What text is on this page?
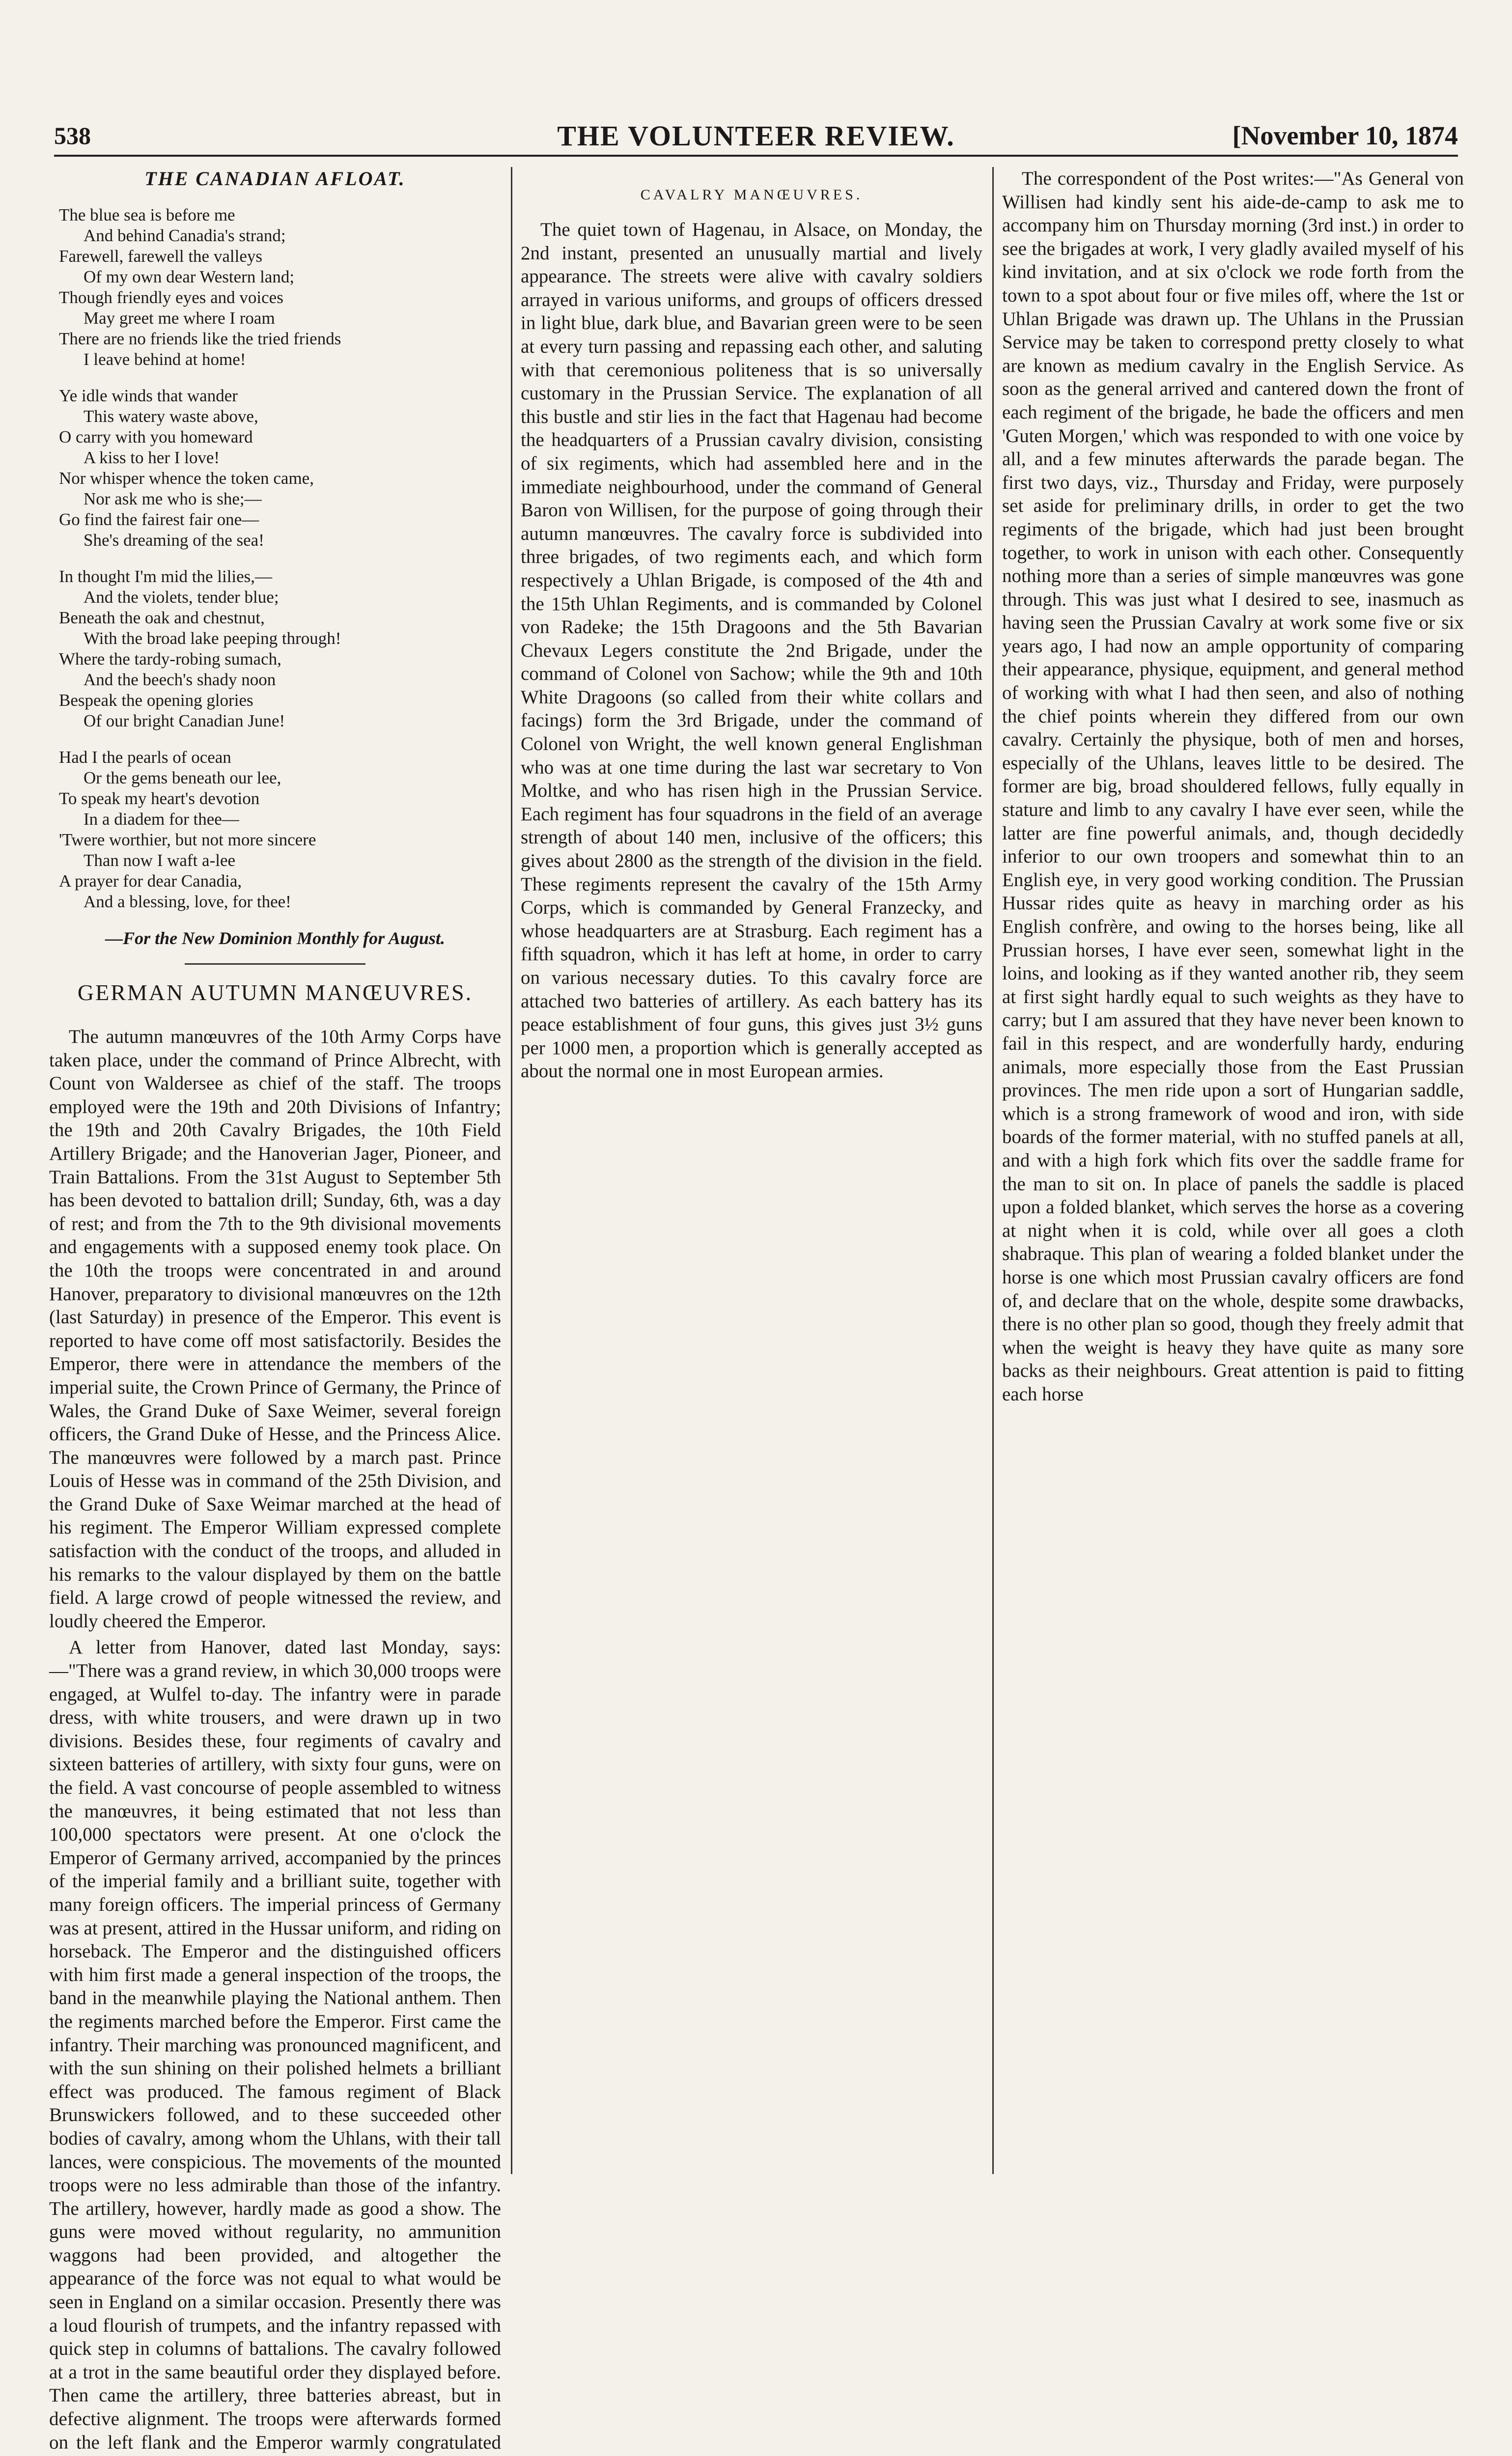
538	THE VOLUNTEER REVIEW.	[November 10, 1874
THE CANADIAN AFLOAT.
The blue sea is before me
And behind Canadia's strand;
Farewell, farewell the valleys
Of my own dear Western land;
Though friendly eyes and voices
May greet me where I roam
There are no friends like the tried friends
I leave behind at home!
Ye idle winds that wander
This watery waste above,
O carry with you homeward
A kiss to her I love!
Nor whisper whence the token came,
Nor ask me who is she;—
Go find the fairest fair one—
She's dreaming of the sea!
In thought I'm mid the lilies,—
And the violets, tender blue;
Beneath the oak and chestnut,
With the broad lake peeping through!
Where the tardy-robing sumach,
And the beech's shady noon
Bespeak the opening glories
Of our bright Canadian June!
Had I the pearls of ocean
Or the gems beneath our lee,
To speak my heart's devotion
In a diadem for thee—
'Twere worthier, but not more sincere
Than now I waft a-lee
A prayer for dear Canadia,
And a blessing, love, for thee!
—For the New Dominion Monthly for August.
GERMAN AUTUMN MANŒUVRES.

The autumn manœuvres of the 10th Army Corps have taken place, under the command of Prince Albrecht, with Count von Waldersee as chief of the staff. The troops employed were the 19th and 20th Divisions of Infantry; the 19th and 20th Cavalry Brigades, the 10th Field Artillery Brigade; and the Hanoverian Jager, Pioneer, and Train Battalions. From the 31st August to September 5th has been devoted to battalion drill; Sunday, 6th, was a day of rest; and from the 7th to the 9th divisional movements and engagements with a supposed enemy took place. On the 10th the troops were concentrated in and around Hanover, preparatory to divisional manœuvres on the 12th (last Saturday) in presence of the Emperor. This event is reported to have come off most satisfactorily. Besides the Emperor, there were in attendance the members of the imperial suite, the Crown Prince of Germany, the Prince of Wales, the Grand Duke of Saxe Weimer, several foreign officers, the Grand Duke of Hesse, and the Princess Alice. The manœuvres were followed by a march past. Prince Louis of Hesse was in command of the 25th Division, and the Grand Duke of Saxe Weimar marched at the head of his regiment. The Emperor William expressed complete satisfaction with the conduct of the troops, and alluded in his remarks to the valour displayed by them on the battle field. A large crowd of people witnessed the review, and loudly cheered the Emperor.

A letter from Hanover, dated last Monday, says:—"There was a grand review, in which 30,000 troops were engaged, at Wulfel to-day. The infantry were in parade dress, with white trousers, and were drawn up in two divisions. Besides these, four regiments of cavalry and sixteen batteries of artillery, with sixty four guns, were on the field. A vast concourse of people assembled to witness the manœuvres, it being estimated that not less than 100,000 spectators were present. At one o'clock the Emperor of Germany arrived, accompanied by the princes of the imperial family and a brilliant suite, together with many foreign officers. The imperial princess of Germany was at present, attired in the Hussar uniform, and riding on horseback. The Emperor and the distinguished officers with him first made a general inspection of the troops, the band in the meanwhile playing the National anthem. Then the regiments marched before the Emperor. First came the infantry. Their marching was pronounced magnificent, and with the sun shining on their polished helmets a brilliant effect was produced. The famous regiment of Black Brunswickers followed, and to these succeeded other bodies of cavalry, among whom the Uhlans, with their tall lances, were conspicious. The movements of the mounted troops were no less admirable than those of the infantry. The artillery, however, hardly made as good a show. The guns were moved without regularity, no ammunition waggons had been provided, and altogether the appearance of the force was not equal to what would be seen in England on a similar occasion. Presently there was a loud flourish of trumpets, and the infantry repassed with quick step in columns of battalions. The cavalry followed at a trot in the same beautiful order they displayed before. Then came the artillery, three batteries abreast, but in defective alignment. The troops were afterwards formed on the left flank and the Emperor warmly congratulated

CAVALRY MANŒUVRES.

The quiet town of Hagenau, in Alsace, on Monday, the 2nd instant, presented an unusually martial and lively appearance. The streets were alive with cavalry soldiers arrayed in various uniforms, and groups of officers dressed in light blue, dark blue, and Bavarian green were to be seen at every turn passing and repassing each other, and saluting with that ceremonious politeness that is so universally customary in the Prussian Service. The explanation of all this bustle and stir lies in the fact that Hagenau had become the headquarters of a Prussian cavalry division, consisting of six regiments, which had assembled here and in the immediate neighbourhood, under the command of General Baron von Willisen, for the purpose of going through their autumn manœuvres. The cavalry force is subdivided into three brigades, of two regiments each, and which form respectively a Uhlan Brigade, is composed of the 4th and the 15th Uhlan Regiments, and is commanded by Colonel von Radeke; the 15th Dragoons and the 5th Bavarian Chevaux Legers constitute the 2nd Brigade, under the command of Colonel von Sachow; while the 9th and 10th White Dragoons (so called from their white collars and facings) form the 3rd Brigade, under the command of Colonel von Wright, the well known general Englishman who was at one time during the last war secretary to Von Moltke, and who has risen high in the Prussian Service. Each regiment has four squadrons in the field of an average strength of about 140 men, inclusive of the officers; this gives about 2800 as the strength of the division in the field. These regiments represent the cavalry of the 15th Army Corps, which is commanded by General Franzecky, and whose headquarters are at Strasburg. Each regiment has a fifth squadron, which it has left at home, in order to carry on various necessary duties. To this cavalry force are attached two batteries of artillery. As each battery has its peace establishment of four guns, this gives just 3½ guns per 1000 men, a proportion which is generally accepted as about the normal one in most European armies.

The correspondent of the Post writes:—"As General von Willisen had kindly sent his aide-de-camp to ask me to accompany him on Thursday morning (3rd inst.) in order to see the brigades at work, I very gladly availed myself of his kind invitation, and at six o'clock we rode forth from the town to a spot about four or five miles off, where the 1st or Uhlan Brigade was drawn up. The Uhlans in the Prussian Service may be taken to correspond pretty closely to what are known as medium cavalry in the English Service. As soon as the general arrived and cantered down the front of each regiment of the brigade, he bade the officers and men 'Guten Morgen,' which was responded to with one voice by all, and a few minutes afterwards the parade began. The first two days, viz., Thursday and Friday, were purposely set aside for preliminary drills, in order to get the two regiments of the brigade, which had just been brought together, to work in unison with each other. Consequently nothing more than a series of simple manœuvres was gone through. This was just what I desired to see, inasmuch as having seen the Prussian Cavalry at work some five or six years ago, I had now an ample opportunity of comparing their appearance, physique, equipment, and general method of working with what I had then seen, and also of nothing the chief points wherein they differed from our own cavalry. Certainly the physique, both of men and horses, especially of the Uhlans, leaves little to be desired. The former are big, broad shouldered fellows, fully equally in stature and limb to any cavalry I have ever seen, while the latter are fine powerful animals, and, though decidedly inferior to our own troopers and somewhat thin to an English eye, in very good working condition. The Prussian Hussar rides quite as heavy in marching order as his English confrère, and owing to the horses being, like all Prussian horses, I have ever seen, somewhat light in the loins, and looking as if they wanted another rib, they seem at first sight hardly equal to such weights as they have to carry; but I am assured that they have never been known to fail in this respect, and are wonderfully hardy, enduring animals, more especially those from the East Prussian provinces. The men ride upon a sort of Hungarian saddle, which is a strong framework of wood and iron, with side boards of the former material, with no stuffed panels at all, and with a high fork which fits over the saddle frame for the man to sit on. In place of panels the saddle is placed upon a folded blanket, which serves the horse as a covering at night when it is cold, while over all goes a cloth shabraque. This plan of wearing a folded blanket under the horse is one which most Prussian cavalry officers are fond of, and declare that on the whole, despite some drawbacks, there is no other plan so good, though they freely admit that when the weight is heavy they have quite as many sore backs as their neighbours. Great attention is paid to fitting each horse
